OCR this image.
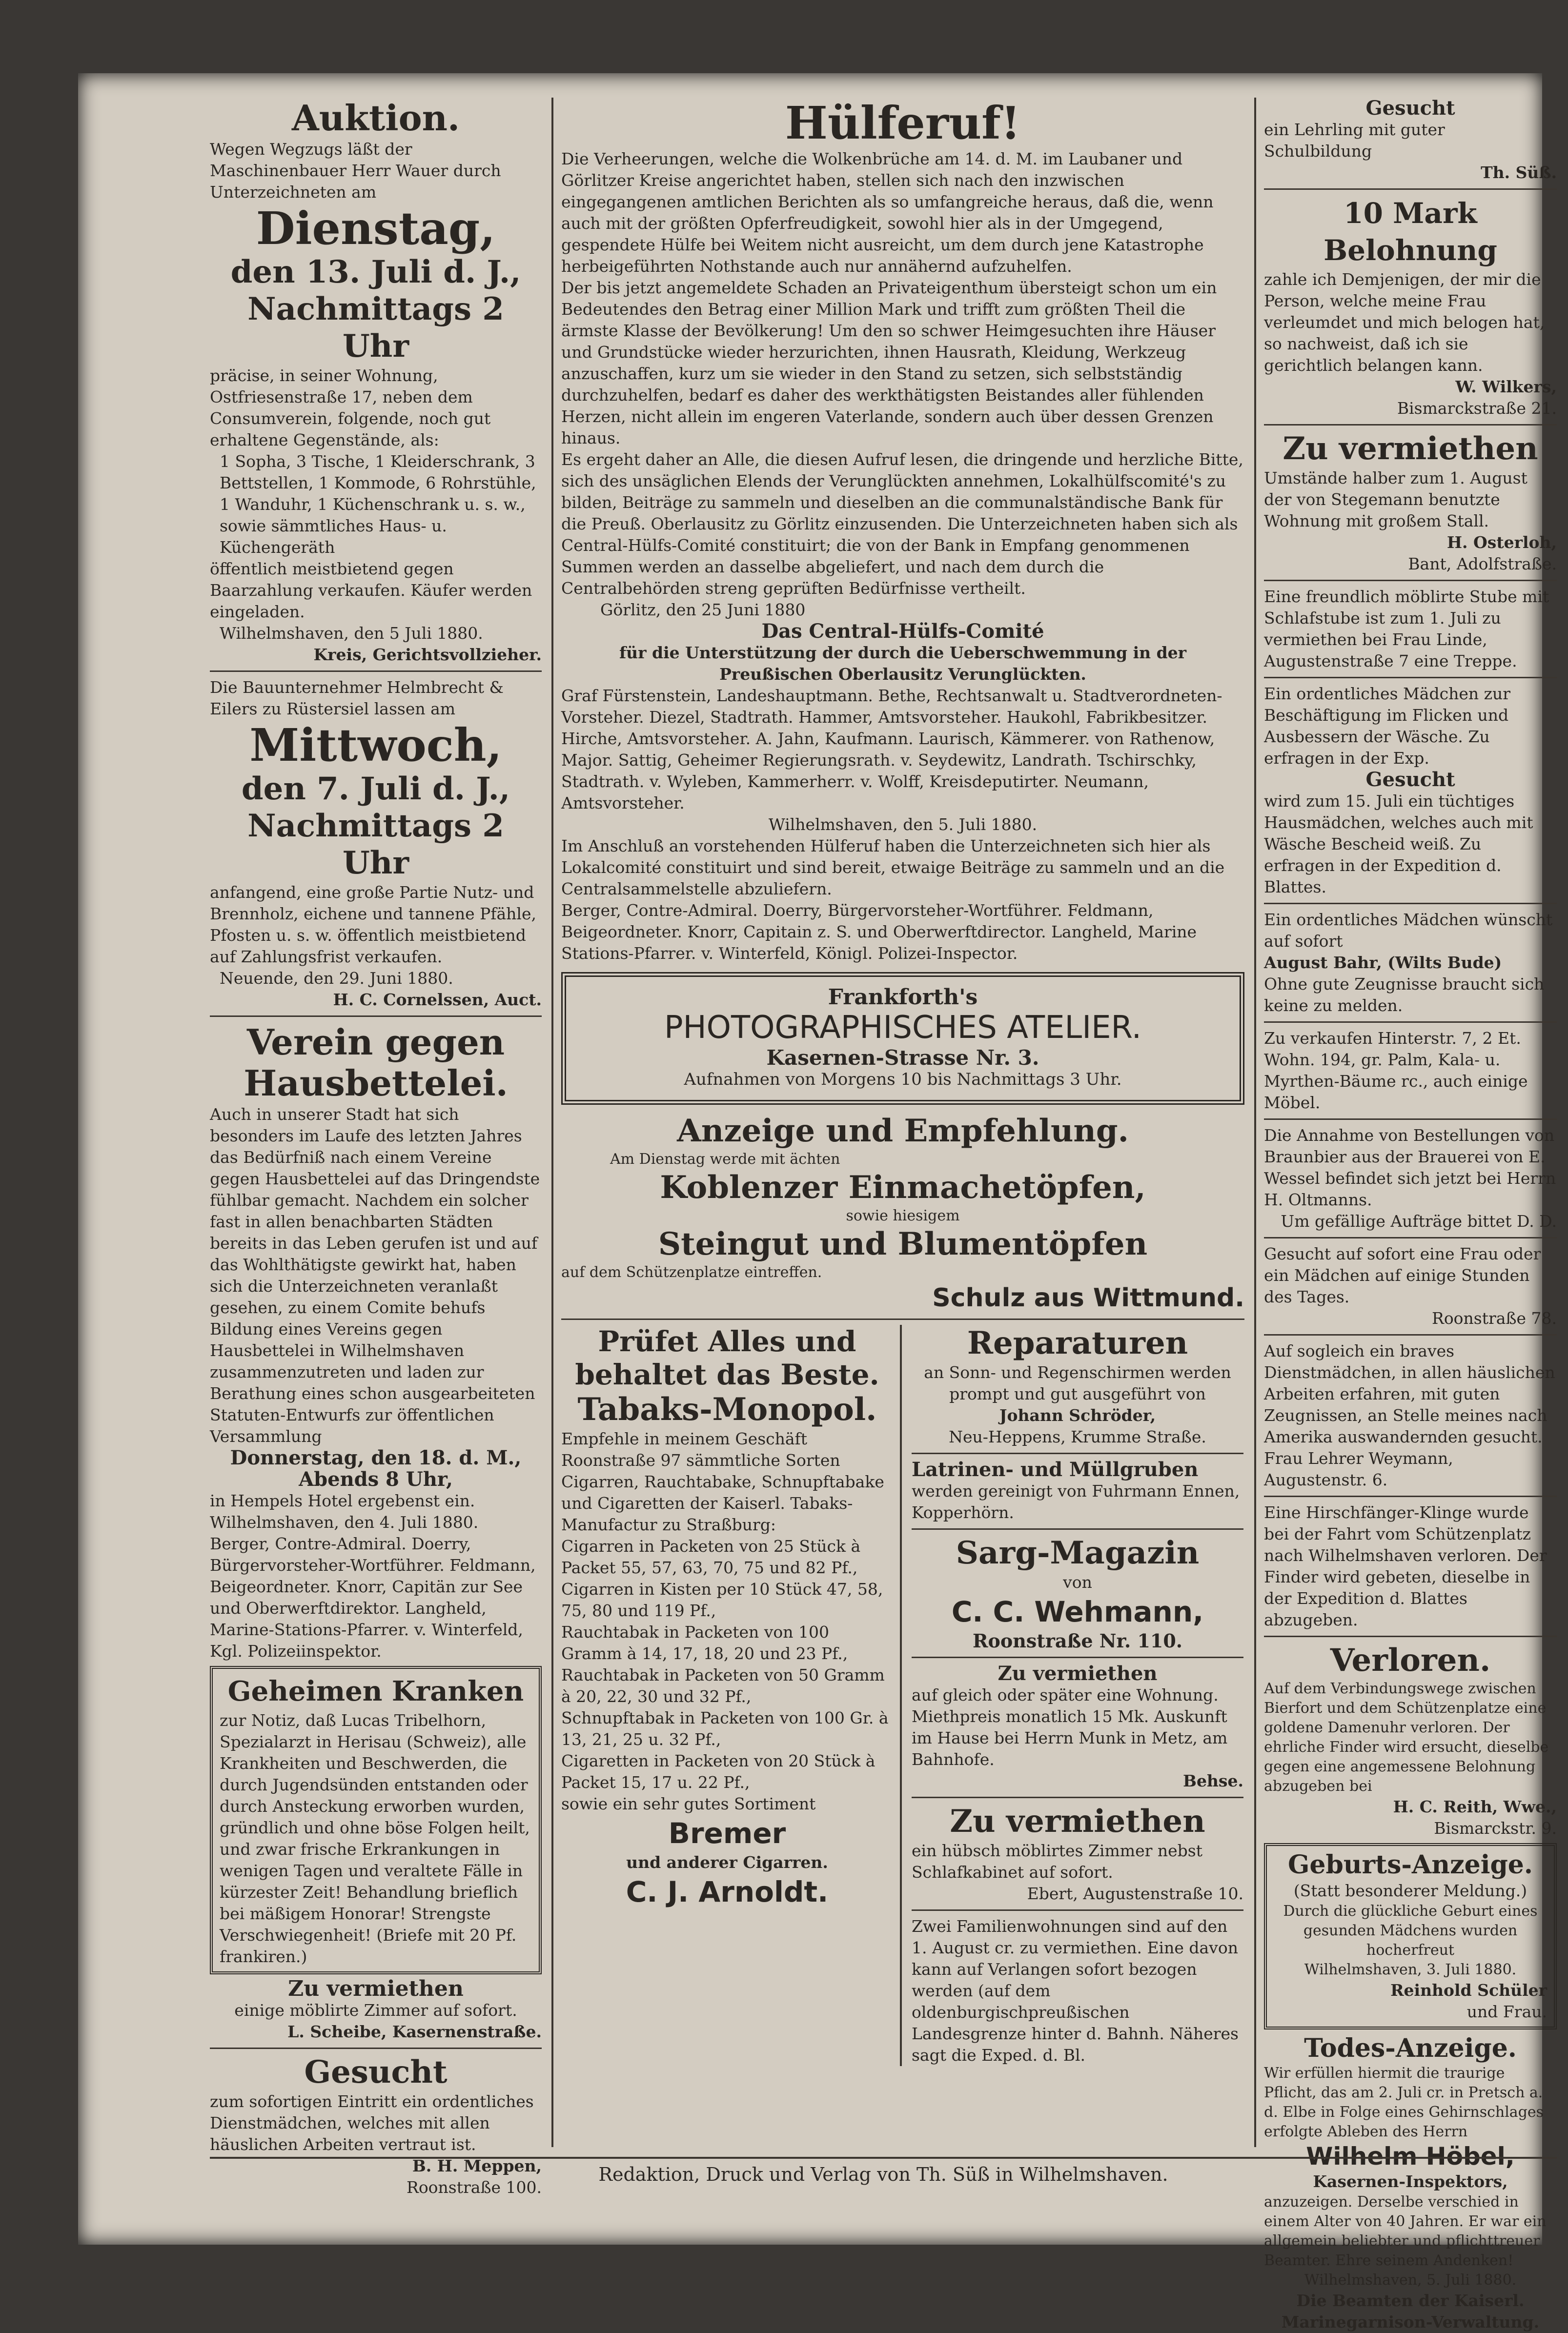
Auktion.

Wegen Wegzugs läßt der Maschinenbauer Herr Wauer durch Unterzeichneten am

Dienstag,
den 13. Juli d. J.,
Nachmittags 2 Uhr

präcise, in seiner Wohnung, Ostfriesenstraße 17, neben dem Consumverein, folgende, noch gut erhaltene Gegenstände, als:

1 Sopha, 3 Tische, 1 Kleiderschrank, 3 Bettstellen, 1 Kommode, 6 Rohrstühle, 1 Wanduhr, 1 Küchenschrank u. s. w., sowie sämmtliches Haus- u. Küchengeräth

öffentlich meistbietend gegen Baarzahlung verkaufen. Käufer werden eingeladen.

Wilhelmshaven, den 5 Juli 1880.

Kreis, Gerichtsvollzieher.

Die Bauunternehmer Helmbrecht & Eilers zu Rüstersiel lassen am

Mittwoch,
den 7. Juli d. J.,
Nachmittags 2 Uhr

anfangend, eine große Partie Nutz- und Brennholz, eichene und tannene Pfähle, Pfosten u. s. w. öffentlich meistbietend auf Zahlungsfrist verkaufen.

Neuende, den 29. Juni 1880.

H. C. Cornelssen, Auct.

Verein gegen
Hausbettelei.

Auch in unserer Stadt hat sich besonders im Laufe des letzten Jahres das Bedürfniß nach einem Vereine gegen Hausbettelei auf das Dringendste fühlbar gemacht. Nachdem ein solcher fast in allen benachbarten Städten bereits in das Leben gerufen ist und auf das Wohlthätigste gewirkt hat, haben sich die Unterzeichneten veranlaßt gesehen, zu einem Comite behufs Bildung eines Vereins gegen Hausbettelei in Wilhelmshaven zusammenzutreten und laden zur Berathung eines schon ausgearbeiteten Statuten-Entwurfs zur öffentlichen Versammlung

Donnerstag, den 18. d. M.,

Abends 8 Uhr,

in Hempels Hotel ergebenst ein.

Wilhelmshaven, den 4. Juli 1880.

Berger, Contre-Admiral. Doerry, Bürgervorsteher-Wortführer. Feldmann, Beigeordneter. Knorr, Capitän zur See und Oberwerftdirektor. Langheld, Marine-Stations-Pfarrer. v. Winterfeld, Kgl. Polizeiinspektor.

Geheimen Kranken

zur Notiz, daß Lucas Tribelhorn, Spezialarzt in Herisau (Schweiz), alle Krankheiten und Beschwerden, die durch Jugendsünden entstanden oder durch Ansteckung erworben wurden, gründlich und ohne böse Folgen heilt, und zwar frische Erkrankungen in wenigen Tagen und veraltete Fälle in kürzester Zeit! Behandlung brieflich bei mäßigem Honorar! Strengste Verschwiegenheit! (Briefe mit 20 Pf. frankiren.)

Zu vermiethen

einige möblirte Zimmer auf sofort.

L. Scheibe, Kasernenstraße.

Gesucht

zum sofortigen Eintritt ein ordentliches Dienstmädchen, welches mit allen häuslichen Arbeiten vertraut ist.

B. H. Meppen,

Roonstraße 100.

Hülferuf!

Die Verheerungen, welche die Wolkenbrüche am 14. d. M. im Laubaner und Görlitzer Kreise angerichtet haben, stellen sich nach den inzwischen eingegangenen amtlichen Berichten als so umfangreiche heraus, daß die, wenn auch mit der größten Opferfreudigkeit, sowohl hier als in der Umgegend, gespendete Hülfe bei Weitem nicht ausreicht, um dem durch jene Katastrophe herbeigeführten Nothstande auch nur annähernd aufzuhelfen.

Der bis jetzt angemeldete Schaden an Privateigenthum übersteigt schon um ein Bedeutendes den Betrag einer Million Mark und trifft zum größten Theil die ärmste Klasse der Bevölkerung! Um den so schwer Heimgesuchten ihre Häuser und Grundstücke wieder herzurichten, ihnen Hausrath, Kleidung, Werkzeug anzuschaffen, kurz um sie wieder in den Stand zu setzen, sich selbstständig durchzuhelfen, bedarf es daher des werkthätigsten Beistandes aller fühlenden Herzen, nicht allein im engeren Vaterlande, sondern auch über dessen Grenzen hinaus.

Es ergeht daher an Alle, die diesen Aufruf lesen, die dringende und herzliche Bitte, sich des unsäglichen Elends der Verunglückten annehmen, Lokalhülfscomité's zu bilden, Beiträge zu sammeln und dieselben an die communalständische Bank für die Preuß. Oberlausitz zu Görlitz einzusenden. Die Unterzeichneten haben sich als Central-Hülfs-Comité constituirt; die von der Bank in Empfang genommenen Summen werden an dasselbe abgeliefert, und nach dem durch die Centralbehörden streng geprüften Bedürfnisse vertheilt.

Görlitz, den 25 Juni 1880

Das Central-Hülfs-Comité

für die Unterstützung der durch die Ueberschwemmung in der Preußischen Oberlausitz Verunglückten.

Graf Fürstenstein, Landeshauptmann. Bethe, Rechtsanwalt u. Stadtverordneten-Vorsteher. Diezel, Stadtrath. Hammer, Amtsvorsteher. Haukohl, Fabrikbesitzer. Hirche, Amtsvorsteher. A. Jahn, Kaufmann. Laurisch, Kämmerer. von Rathenow, Major. Sattig, Geheimer Regierungsrath. v. Seydewitz, Landrath. Tschirschky, Stadtrath. v. Wyleben, Kammerherr. v. Wolff, Kreisdeputirter. Neumann, Amtsvorsteher.

Wilhelmshaven, den 5. Juli 1880.

Im Anschluß an vorstehenden Hülferuf haben die Unterzeichneten sich hier als Lokalcomité constituirt und sind bereit, etwaige Beiträge zu sammeln und an die Centralsammelstelle abzuliefern.

Berger, Contre-Admiral. Doerry, Bürgervorsteher-Wortführer. Feldmann, Beigeordneter. Knorr, Capitain z. S. und Oberwerftdirector. Langheld, Marine Stations-Pfarrer. v. Winterfeld, Königl. Polizei-Inspector.

Frankforth's
PHOTOGRAPHISCHES ATELIER.
Kasernen-Strasse Nr. 3.
Aufnahmen von Morgens 10 bis Nachmittags 3 Uhr.
Anzeige und Empfehlung.

Am Dienstag werde mit ächten

Koblenzer Einmachetöpfen,

sowie hiesigem

Steingut und Blumentöpfen

auf dem Schützenplatze eintreffen.

Schulz aus Wittmund.

Prüfet Alles und behaltet das Beste.
Tabaks-Monopol.

Empfehle in meinem Geschäft Roonstraße 97 sämmtliche Sorten Cigarren, Rauchtabake, Schnupftabake und Cigaretten der Kaiserl. Tabaks-Manufactur zu Straßburg:

Cigarren in Packeten von 25 Stück à Packet 55, 57, 63, 70, 75 und 82 Pf.,

Cigarren in Kisten per 10 Stück 47, 58, 75, 80 und 119 Pf.,

Rauchtabak in Packeten von 100 Gramm à 14, 17, 18, 20 und 23 Pf.,

Rauchtabak in Packeten von 50 Gramm à 20, 22, 30 und 32 Pf.,

Schnupftabak in Packeten von 100 Gr. à 13, 21, 25 u. 32 Pf.,

Cigaretten in Packeten von 20 Stück à Packet 15, 17 u. 22 Pf.,

sowie ein sehr gutes Sortiment

Bremer

und anderer Cigarren.

C. J. Arnoldt.
Reparaturen

an Sonn- und Regenschirmen werden prompt und gut ausgeführt von

Johann Schröder,

Neu-Heppens, Krumme Straße.

Latrinen- und Müllgruben

werden gereinigt von Fuhrmann Ennen, Kopperhörn.

Sarg-Magazin

von

C. C. Wehmann,

Roonstraße Nr. 110.

Zu vermiethen

auf gleich oder später eine Wohnung. Miethpreis monatlich 15 Mk. Auskunft im Hause bei Herrn Munk in Metz, am Bahnhofe.

Behse.

Zu vermiethen

ein hübsch möblirtes Zimmer nebst Schlafkabinet auf sofort.

Ebert, Augustenstraße 10.

Zwei Familienwohnungen sind auf den 1. August cr. zu vermiethen. Eine davon kann auf Verlangen sofort bezogen werden (auf dem oldenburgischpreußischen Landesgrenze hinter d. Bahnh. Näheres sagt die Exped. d. Bl.

Gesucht

ein Lehrling mit guter Schulbildung

Th. Süß.

10 Mark Belohnung

zahle ich Demjenigen, der mir die Person, welche meine Frau verleumdet und mich belogen hat, so nachweist, daß ich sie gerichtlich belangen kann.

W. Wilkers,

Bismarckstraße 21.

Zu vermiethen

Umstände halber zum 1. August der von Stegemann benutzte Wohnung mit großem Stall.

H. Osterloh,

Bant, Adolfstraße.

Eine freundlich möblirte Stube mit Schlafstube ist zum 1. Juli zu vermiethen bei Frau Linde, Augustenstraße 7 eine Treppe.

Ein ordentliches Mädchen zur Beschäftigung im Flicken und Ausbessern der Wäsche. Zu erfragen in der Exp.

Gesucht

wird zum 15. Juli ein tüchtiges Hausmädchen, welches auch mit Wäsche Bescheid weiß. Zu erfragen in der Expedition d. Blattes.

Ein ordentliches Mädchen wünscht auf sofort

August Bahr, (Wilts Bude)

Ohne gute Zeugnisse braucht sich keine zu melden.

Zu verkaufen Hinterstr. 7, 2 Et. Wohn. 194, gr. Palm, Kala- u. Myrthen-Bäume rc., auch einige Möbel.

Die Annahme von Bestellungen von Braunbier aus der Brauerei von E. Wessel befindet sich jetzt bei Herrn H. Oltmanns.

Um gefällige Aufträge bittet D. D.

Gesucht auf sofort eine Frau oder ein Mädchen auf einige Stunden des Tages.

Roonstraße 78.

Auf sogleich ein braves Dienstmädchen, in allen häuslichen Arbeiten erfahren, mit guten Zeugnissen, an Stelle meines nach Amerika auswandernden gesucht. Frau Lehrer Weymann, Augustenstr. 6.

Eine Hirschfänger-Klinge wurde bei der Fahrt vom Schützenplatz nach Wilhelmshaven verloren. Der Finder wird gebeten, dieselbe in der Expedition d. Blattes abzugeben.

Verloren.

Auf dem Verbindungswege zwischen Bierfort und dem Schützenplatze eine goldene Damenuhr verloren. Der ehrliche Finder wird ersucht, dieselbe gegen eine angemessene Belohnung abzugeben bei

H. C. Reith, Wwe.,

Bismarckstr. 9.

Geburts-Anzeige.

(Statt besonderer Meldung.)

Durch die glückliche Geburt eines gesunden Mädchens wurden hocherfreut

Wilhelmshaven, 3. Juli 1880.

Reinhold Schüler

und Frau.

Todes-Anzeige.

Wir erfüllen hiermit die traurige Pflicht, das am 2. Juli cr. in Pretsch a. d. Elbe in Folge eines Gehirnschlages erfolgte Ableben des Herrn

Wilhelm Höbel,

Kasernen-Inspektors,

anzuzeigen. Derselbe verschied in einem Alter von 40 Jahren. Er war ein allgemein beliebter und pflichttreuer Beamter. Ehre seinem Andenken!

Wilhelmshaven, 5. Juli 1880.

Die Beamten der Kaiserl. Marinegarnison-Verwaltung.

Redaktion, Druck und Verlag von Th. Süß in Wilhelmshaven.
